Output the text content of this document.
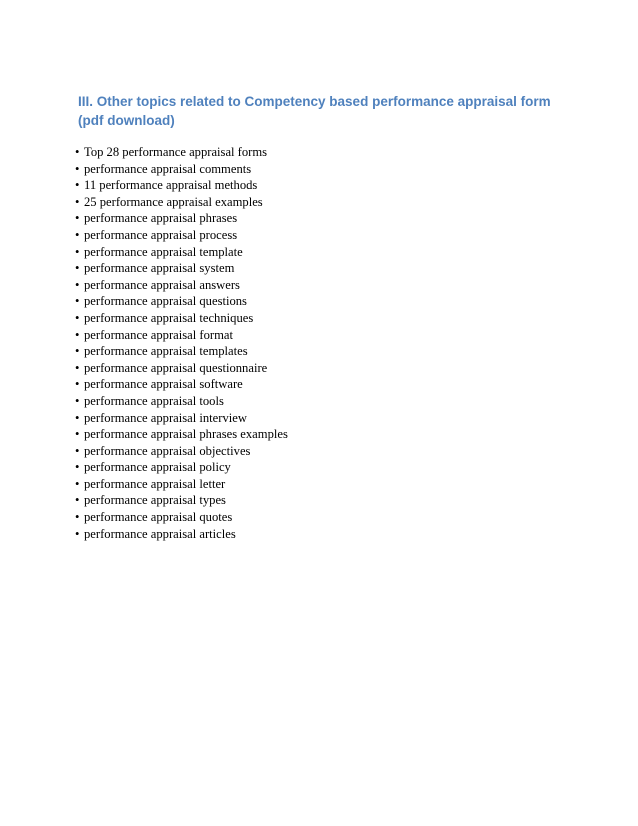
III. Other topics related to Competency based performance appraisal form (pdf download)
• Top 28 performance appraisal forms
• performance appraisal comments
• 11 performance appraisal methods
• 25 performance appraisal examples
• performance appraisal phrases
• performance appraisal process
• performance appraisal template
• performance appraisal system
• performance appraisal answers
• performance appraisal questions
• performance appraisal techniques
• performance appraisal format
• performance appraisal templates
• performance appraisal questionnaire
• performance appraisal software
• performance appraisal tools
• performance appraisal interview
• performance appraisal phrases examples
• performance appraisal objectives
• performance appraisal policy
• performance appraisal letter
• performance appraisal types
• performance appraisal quotes
• performance appraisal articles
